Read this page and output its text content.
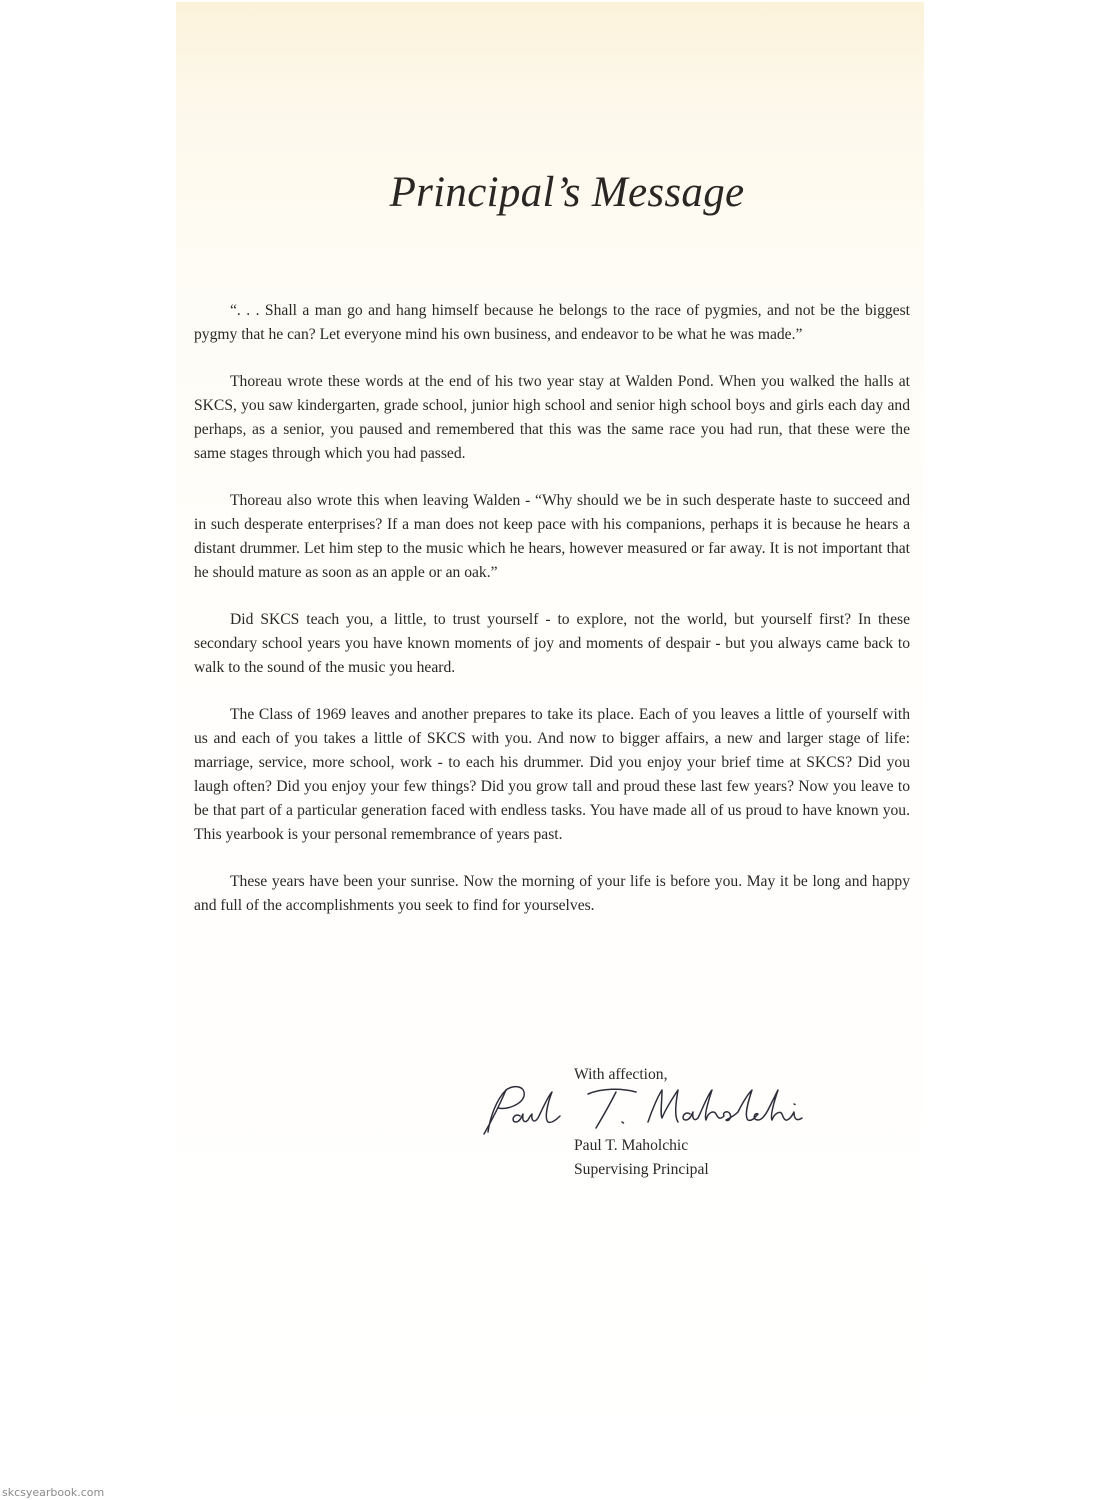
Principal’s Message

“. . . Shall a man go and hang himself because he belongs to the race of pygmies, and not be the biggest pygmy that he can? Let everyone mind his own business, and endeavor to be what he was made.”

Thoreau wrote these words at the end of his two year stay at Walden Pond. When you walked the halls at SKCS, you saw kindergarten, grade school, junior high school and senior high school boys and girls each day and perhaps, as a senior, you paused and remembered that this was the same race you had run, that these were the same stages through which you had passed.

Thoreau also wrote this when leaving Walden - “Why should we be in such desperate haste to succeed and in such desperate enterprises? If a man does not keep pace with his companions, perhaps it is because he hears a distant drummer. Let him step to the music which he hears, however measured or far away. It is not important that he should mature as soon as an apple or an oak.”

Did SKCS teach you, a little, to trust yourself - to explore, not the world, but yourself first? In these secondary school years you have known moments of joy and moments of despair - but you always came back to walk to the sound of the music you heard.

The Class of 1969 leaves and another prepares to take its place. Each of you leaves a little of yourself with us and each of you takes a little of SKCS with you. And now to bigger affairs, a new and larger stage of life: marriage, service, more school, work - to each his drummer. Did you enjoy your brief time at SKCS? Did you laugh often? Did you enjoy your few things? Did you grow tall and proud these last few years? Now you leave to be that part of a particular generation faced with endless tasks. You have made all of us proud to have known you. This yearbook is your personal remembrance of years past.

These years have been your sunrise. Now the morning of your life is before you. May it be long and happy and full of the accomplishments you seek to find for yourselves.

With affection,
Paul T. Maholchic
Supervising Principal
skcsyearbook.com
